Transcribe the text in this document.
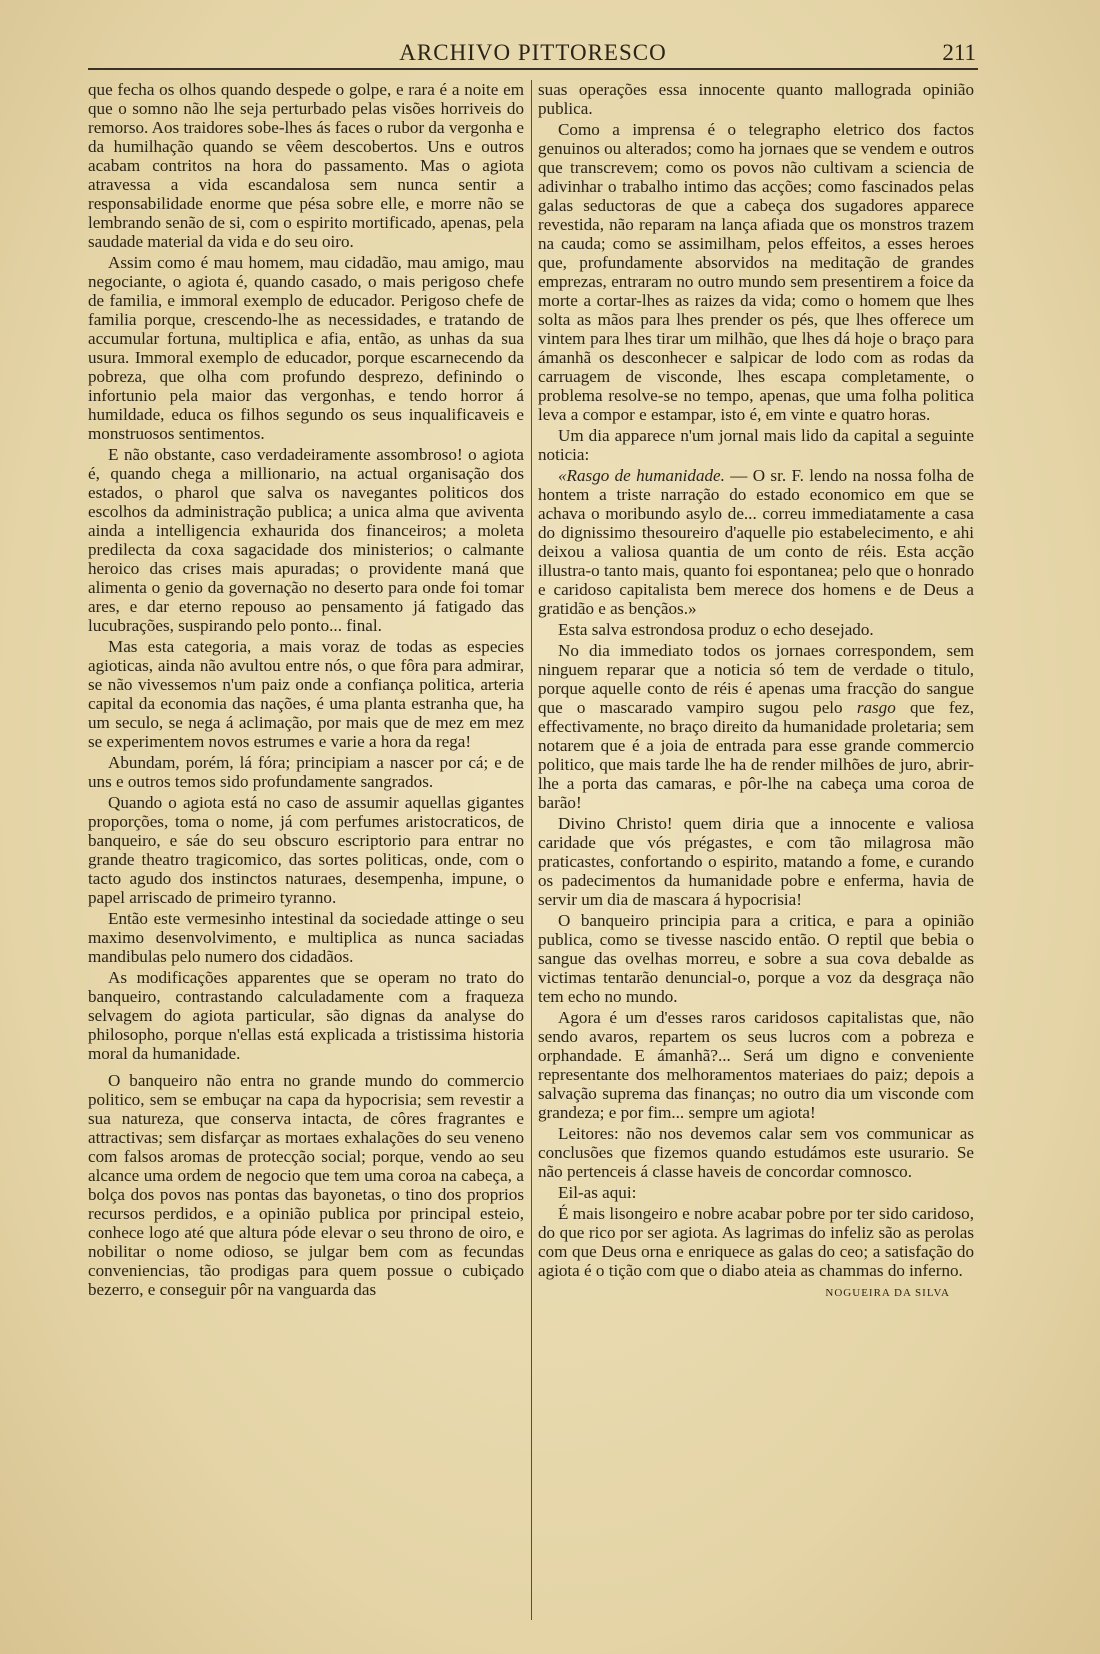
ARCHIVO PITTORESCO	211

que fecha os olhos quando despede o golpe, e rara é a noite em que o somno não lhe seja perturbado pelas visões horriveis do remorso. Aos traidores sobe-lhes ás faces o rubor da vergonha e da humilhação quando se vêem descobertos. Uns e outros acabam contritos na hora do passamento. Mas o agiota atravessa a vida escandalosa sem nunca sentir a responsabilidade enorme que pésa sobre elle, e morre não se lembrando senão de si, com o espirito mortificado, apenas, pela saudade material da vida e do seu oiro.

Assim como é mau homem, mau cidadão, mau amigo, mau negociante, o agiota é, quando casado, o mais perigoso chefe de familia, e immoral exemplo de educador. Perigoso chefe de familia porque, crescendo-lhe as necessidades, e tratando de accumular fortuna, multiplica e afia, então, as unhas da sua usura. Immoral exemplo de educador, porque escarnecendo da pobreza, que olha com profundo desprezo, definindo o infortunio pela maior das vergonhas, e tendo horror á humildade, educa os filhos segundo os seus inqualificaveis e monstruosos sentimentos.

E não obstante, caso verdadeiramente assombroso! o agiota é, quando chega a millionario, na actual organisação dos estados, o pharol que salva os navegantes politicos dos escolhos da administração publica; a unica alma que aviventa ainda a intelligencia exhaurida dos financeiros; a moleta predilecta da coxa sagacidade dos ministerios; o calmante heroico das crises mais apuradas; o providente maná que alimenta o genio da governação no deserto para onde foi tomar ares, e dar eterno repouso ao pensamento já fatigado das lucubrações, suspirando pelo ponto... final.

Mas esta categoria, a mais voraz de todas as especies agioticas, ainda não avultou entre nós, o que fôra para admirar, se não vivessemos n'um paiz onde a confiança politica, arteria capital da economia das nações, é uma planta estranha que, ha um seculo, se nega á aclimação, por mais que de mez em mez se experimentem novos estrumes e varie a hora da rega!

Abundam, porém, lá fóra; principiam a nascer por cá; e de uns e outros temos sido profundamente sangrados.

Quando o agiota está no caso de assumir aquellas gigantes proporções, toma o nome, já com perfumes aristocraticos, de banqueiro, e sáe do seu obscuro escriptorio para entrar no grande theatro tragicomico, das sortes politicas, onde, com o tacto agudo dos instinctos naturaes, desempenha, impune, o papel arriscado de primeiro tyranno.

Então este vermesinho intestinal da sociedade attinge o seu maximo desenvolvimento, e multiplica as nunca saciadas mandibulas pelo numero dos cidadãos.

As modificações apparentes que se operam no trato do banqueiro, contrastando calculadamente com a fraqueza selvagem do agiota particular, são dignas da analyse do philosopho, porque n'ellas está explicada a tristissima historia moral da humanidade.

O banqueiro não entra no grande mundo do commercio politico, sem se embuçar na capa da hypocrisia; sem revestir a sua natureza, que conserva intacta, de côres fragrantes e attractivas; sem disfarçar as mortaes exhalações do seu veneno com falsos aromas de protecção social; porque, vendo ao seu alcance uma ordem de negocio que tem uma coroa na cabeça, a bolça dos povos nas pontas das bayonetas, o tino dos proprios recursos perdidos, e a opinião publica por principal esteio, conhece logo até que altura póde elevar o seu throno de oiro, e nobilitar o nome odioso, se julgar bem com as fecundas conveniencias, tão prodigas para quem possue o cubiçado bezerro, e conseguir pôr na vanguarda das

suas operações essa innocente quanto mallograda opinião publica.

Como a imprensa é o telegrapho eletrico dos factos genuinos ou alterados; como ha jornaes que se vendem e outros que transcrevem; como os povos não cultivam a sciencia de adivinhar o trabalho intimo das acções; como fascinados pelas galas seductoras de que a cabeça dos sugadores apparece revestida, não reparam na lança afiada que os monstros trazem na cauda; como se assimilham, pelos effeitos, a esses heroes que, profundamente absorvidos na meditação de grandes emprezas, entraram no outro mundo sem presentirem a foice da morte a cortar-lhes as raizes da vida; como o homem que lhes solta as mãos para lhes prender os pés, que lhes offerece um vintem para lhes tirar um milhão, que lhes dá hoje o braço para ámanhã os desconhecer e salpicar de lodo com as rodas da carruagem de visconde, lhes escapa completamente, o problema resolve-se no tempo, apenas, que uma folha politica leva a compor e estampar, isto é, em vinte e quatro horas.

Um dia apparece n'um jornal mais lido da capital a seguinte noticia:

«Rasgo de humanidade. — O sr. F. lendo na nossa folha de hontem a triste narração do estado economico em que se achava o moribundo asylo de... correu immediatamente a casa do dignissimo thesoureiro d'aquelle pio estabelecimento, e ahi deixou a valiosa quantia de um conto de réis. Esta acção illustra-o tanto mais, quanto foi espontanea; pelo que o honrado e caridoso capitalista bem merece dos homens e de Deus a gratidão e as bençãos.»

Esta salva estrondosa produz o echo desejado.

No dia immediato todos os jornaes correspondem, sem ninguem reparar que a noticia só tem de verdade o titulo, porque aquelle conto de réis é apenas uma fracção do sangue que o mascarado vampiro sugou pelo rasgo que fez, effectivamente, no braço direito da humanidade proletaria; sem notarem que é a joia de entrada para esse grande commercio politico, que mais tarde lhe ha de render milhões de juro, abrir-lhe a porta das camaras, e pôr-lhe na cabeça uma coroa de barão!

Divino Christo! quem diria que a innocente e valiosa caridade que vós prégastes, e com tão milagrosa mão praticastes, confortando o espirito, matando a fome, e curando os padecimentos da humanidade pobre e enferma, havia de servir um dia de mascara á hypocrisia!

O banqueiro principia para a critica, e para a opinião publica, como se tivesse nascido então. O reptil que bebia o sangue das ovelhas morreu, e sobre a sua cova debalde as victimas tentarão denuncial-o, porque a voz da desgraça não tem echo no mundo.

Agora é um d'esses raros caridosos capitalistas que, não sendo avaros, repartem os seus lucros com a pobreza e orphandade. E ámanhã?... Será um digno e conveniente representante dos melhoramentos materiaes do paiz; depois a salvação suprema das finanças; no outro dia um visconde com grandeza; e por fim... sempre um agiota!

Leitores: não nos devemos calar sem vos communicar as conclusões que fizemos quando estudámos este usurario. Se não pertenceis á classe haveis de concordar comnosco.

Eil-as aqui:

É mais lisongeiro e nobre acabar pobre por ter sido caridoso, do que rico por ser agiota. As lagrimas do infeliz são as perolas com que Deus orna e enriquece as galas do ceo; a satisfação do agiota é o tição com que o diabo ateia as chammas do inferno.

NOGUEIRA DA SILVA
